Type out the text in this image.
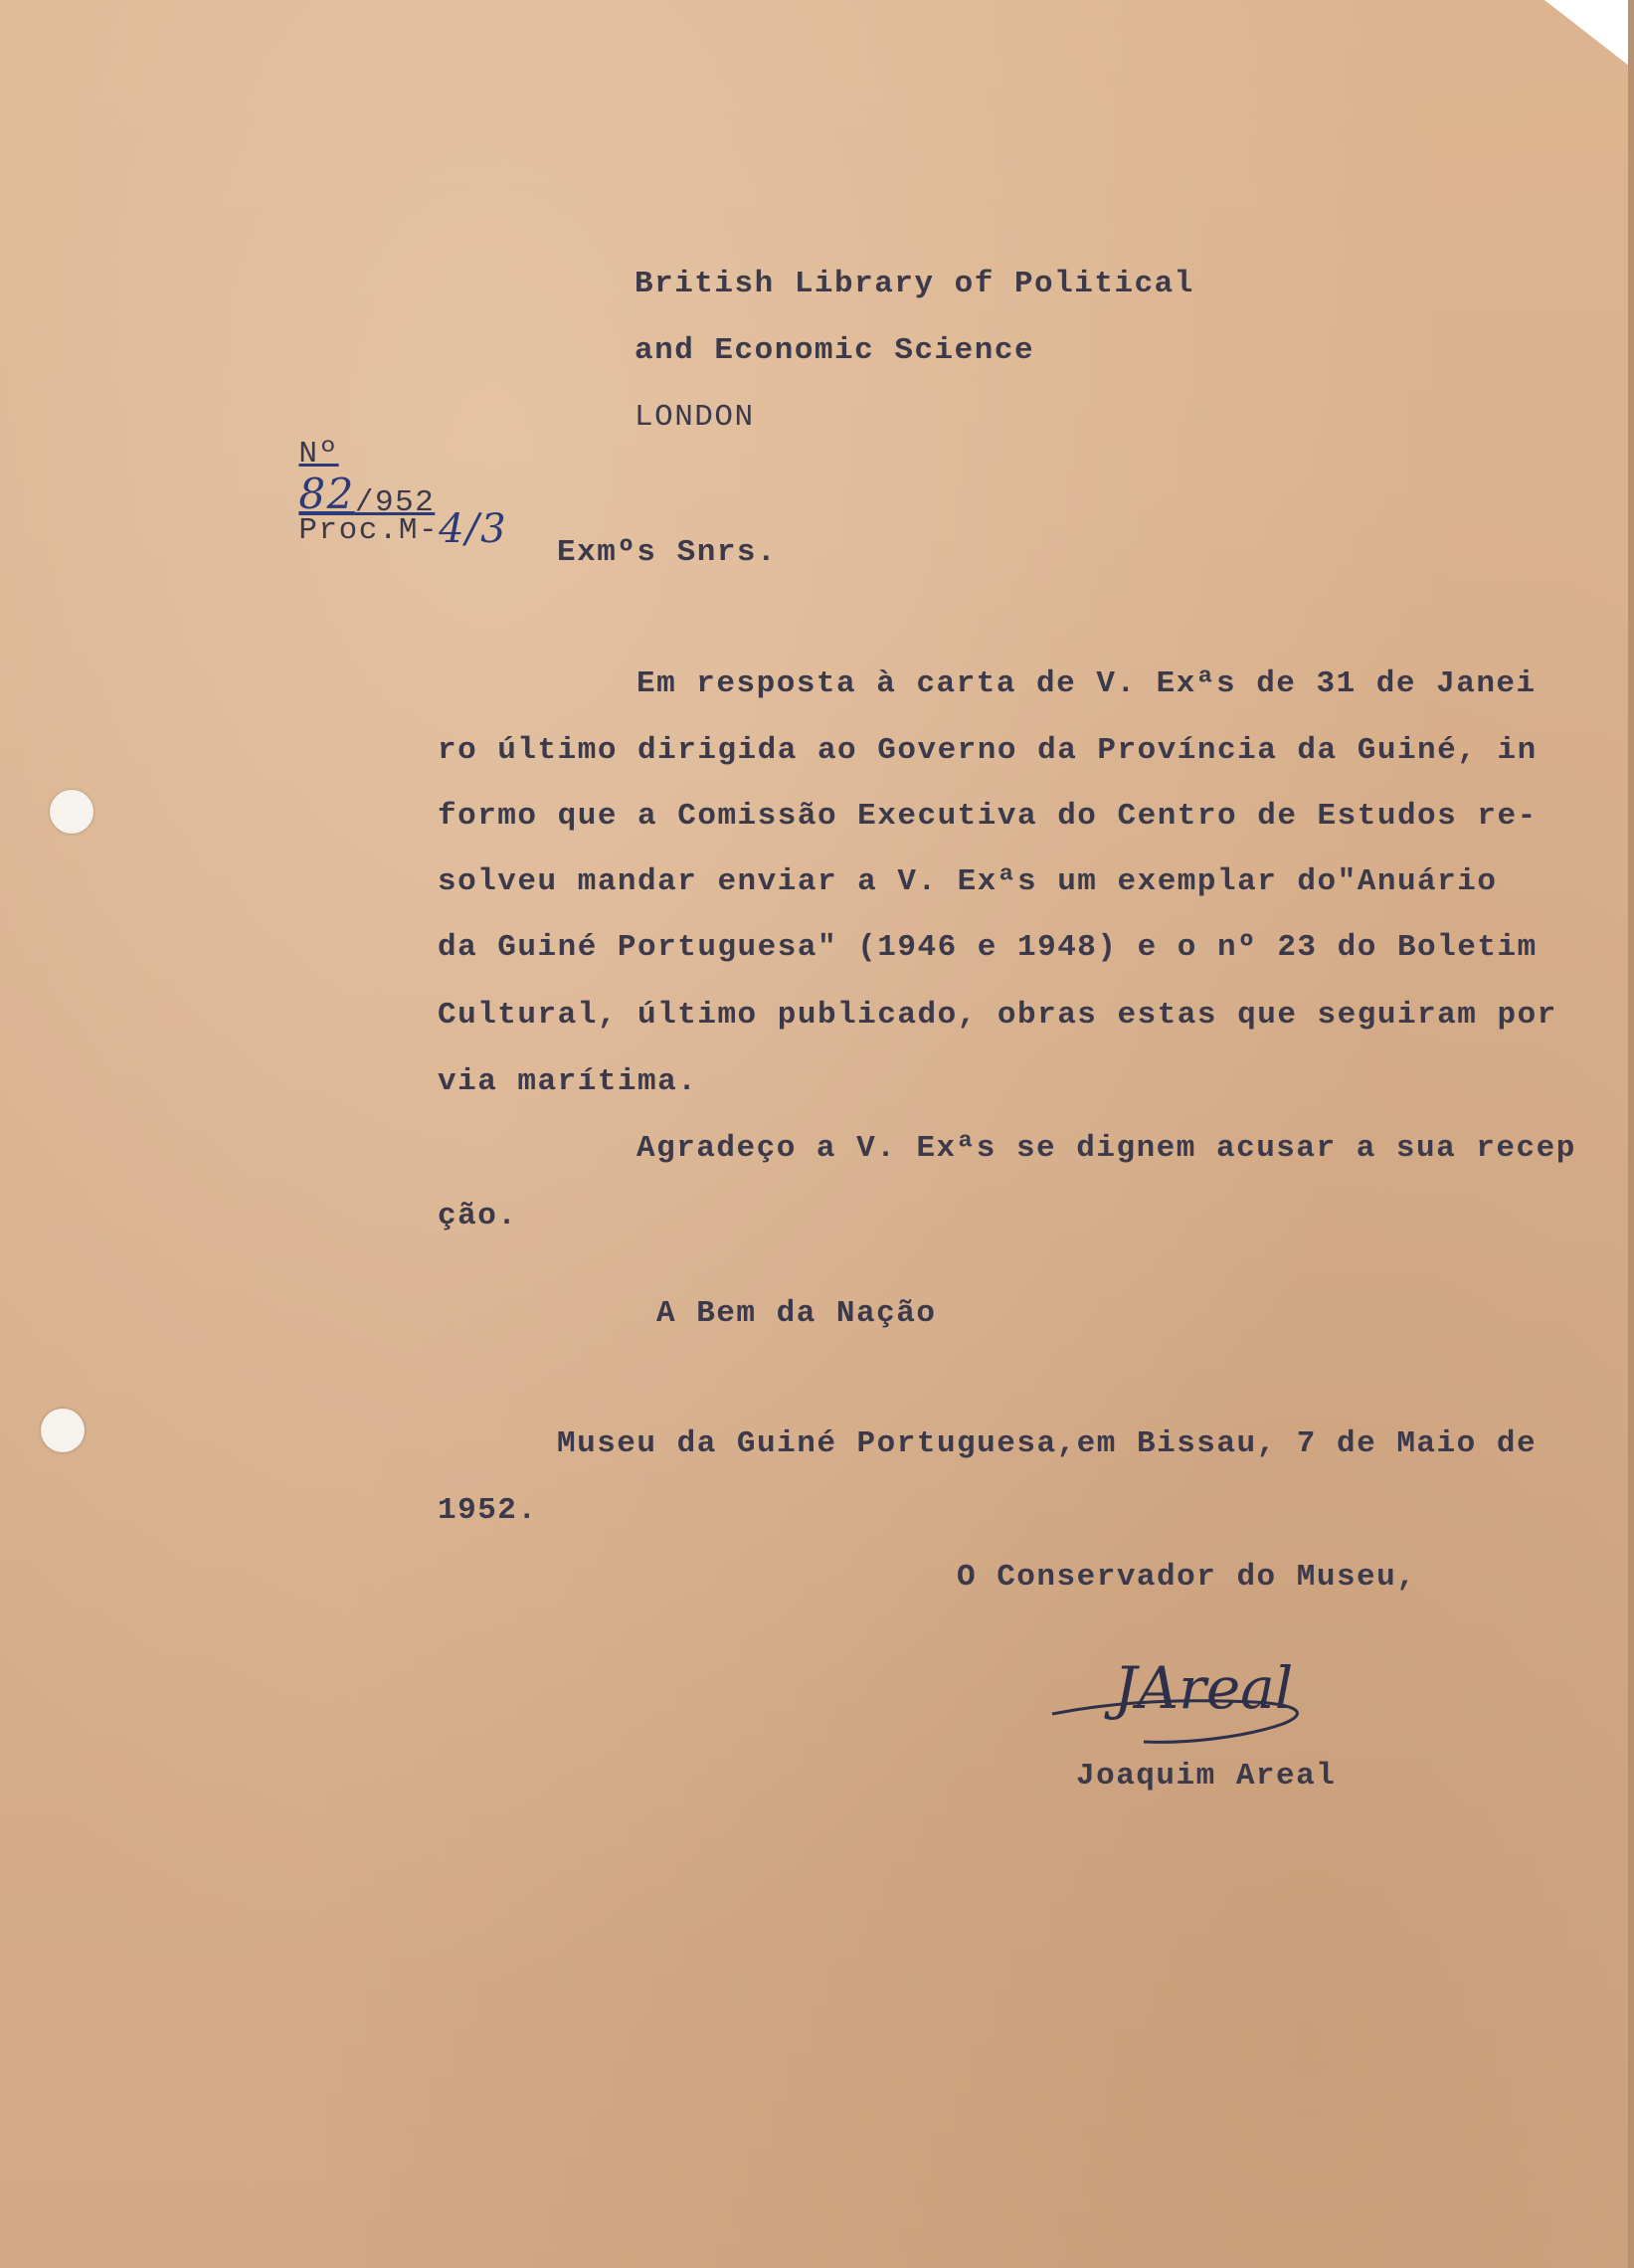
British Library of Political
and Economic Science
LONDON

Nº
82/952

Proc.M-4/3

Exmºs Snrs.
Em resposta à carta de V. Exªs de 31 de Janei
ro último dirigida ao Governo da Província da Guiné, in
formo que a Comissão Executiva do Centro de Estudos re-
solveu mandar enviar a V. Exªs um exemplar do"Anuário
da Guiné Portuguesa" (1946 e 1948) e o nº 23 do Boletim
Cultural, último publicado, obras estas que seguiram por
via marítima.
Agradeço a V. Exªs se dignem acusar a sua recep
ção.
A Bem da Nação
Museu da Guiné Portuguesa,em Bissau, 7 de Maio de
1952.
O Conservador do Museu,
JAreal
Joaquim Areal
